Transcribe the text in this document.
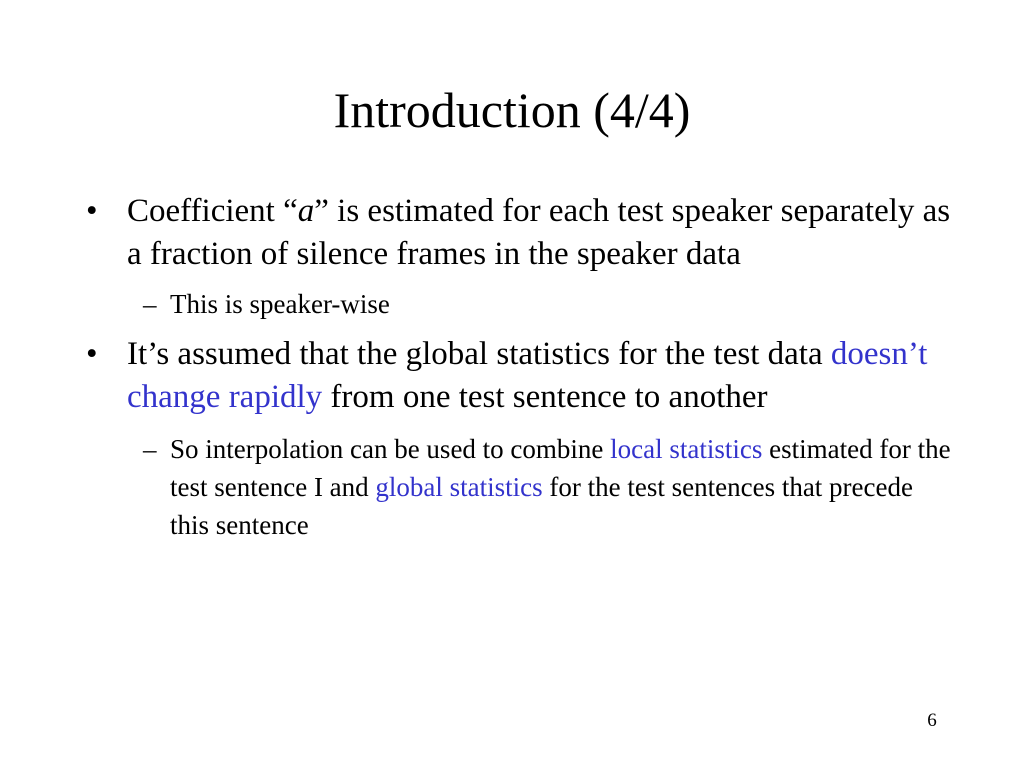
Introduction (4/4)
• Coefficient “a” is estimated for each test speaker separately as a fraction of silence frames in the speaker data
– This is speaker-wise
• It’s assumed that the global statistics for the test data doesn’t change rapidly from one test sentence to another
– So interpolation can be used to combine local statistics estimated for the test sentence I and global statistics for the test sentences that precede this sentence
6
